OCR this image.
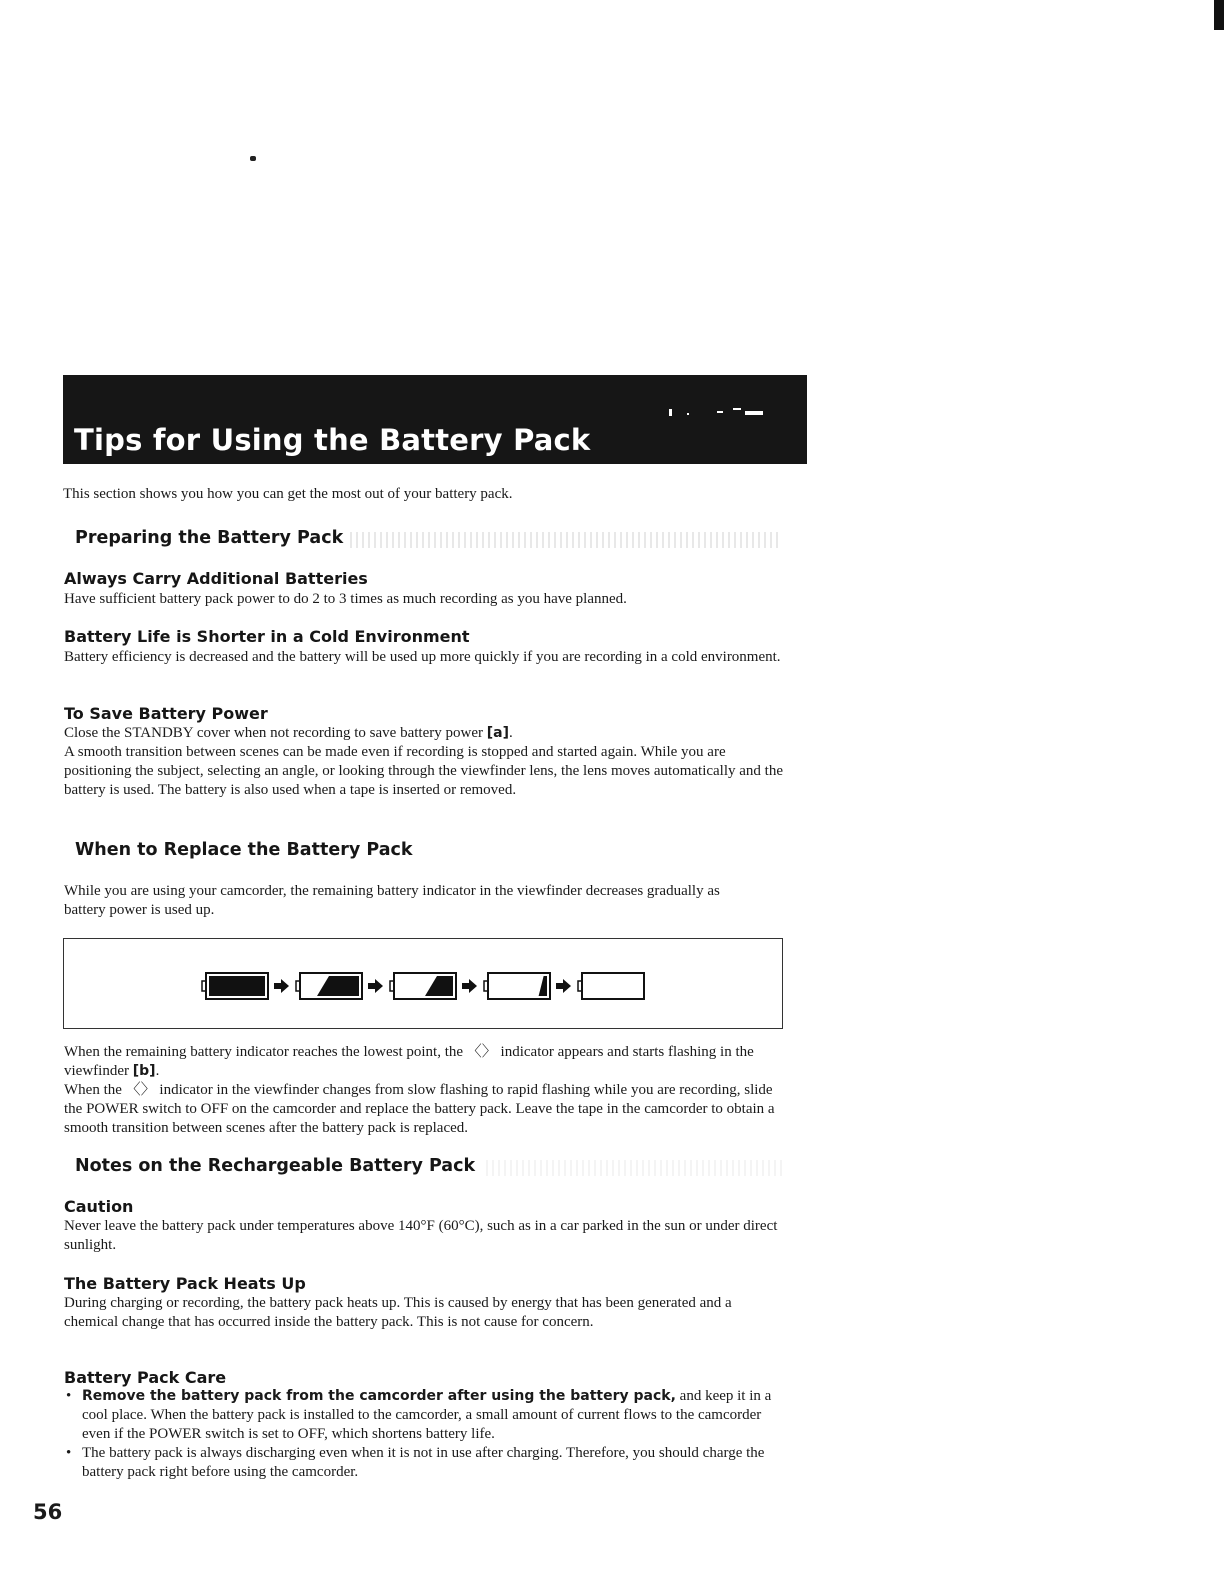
Tips for Using the Battery Pack

This section shows you how you can get the most out of your battery pack.

Preparing the Battery Pack
Always Carry Additional Batteries

Have sufficient battery pack power to do 2 to 3 times as much recording as you have planned.

Battery Life is Shorter in a Cold Environment

Battery efficiency is decreased and the battery will be used up more quickly if you are recording in a cold environment.

To Save Battery Power

Close the STANDBY cover when not recording to save battery power [a].

A smooth transition between scenes can be made even if recording is stopped and started again. While you are positioning the subject, selecting an angle, or looking through the viewfinder lens, the lens moves automatically and the battery is used. The battery is also used when a tape is inserted or removed.

When to Replace the Battery Pack

While you are using your camcorder, the remaining battery indicator in the viewfinder decreases gradually as battery power is used up.

When the remaining battery indicator reaches the lowest point, the 〈〉 indicator appears and starts flashing in the viewfinder [b].

When the 〈〉 indicator in the viewfinder changes from slow flashing to rapid flashing while you are recording, slide the POWER switch to OFF on the camcorder and replace the battery pack. Leave the tape in the camcorder to obtain a smooth transition between scenes after the battery pack is replaced.

Notes on the Rechargeable Battery Pack
Caution

Never leave the battery pack under temperatures above 140°F (60°C), such as in a car parked in the sun or under direct sunlight.

The Battery Pack Heats Up

During charging or recording, the battery pack heats up. This is caused by energy that has been generated and a chemical change that has occurred inside the battery pack. This is not cause for concern.

Battery Pack Care
• Remove the battery pack from the camcorder after using the battery pack, and keep it in a cool place. When the battery pack is installed to the camcorder, a small amount of current flows to the camcorder even if the POWER switch is set to OFF, which shortens battery life.
• The battery pack is always discharging even when it is not in use after charging. Therefore, you should charge the battery pack right before using the camcorder.
56
